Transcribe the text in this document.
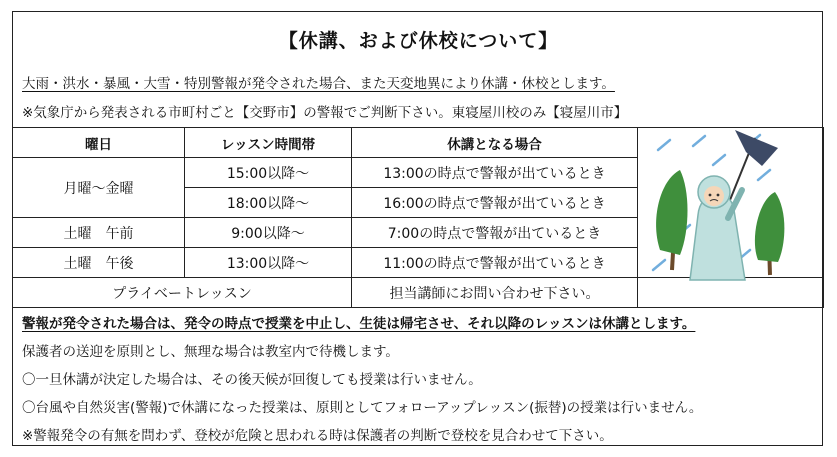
【休講、および休校について】
大雨・洪水・暴風・大雪・特別警報が発令された場合、また天変地異により休講・休校とします。
※気象庁から発表される市町村ごと【交野市】の警報でご判断下さい。東寝屋川校のみ【寝屋川市】
曜日	レッスン時間帯	休講となる場合	
月曜～金曜	15:00以降～	13:00の時点で警報が出ているとき	
	18:00以降～	16:00の時点で警報が出ているとき	
土曜　午前	9:00以降～	7:00の時点で警報が出ているとき	
土曜　午後	13:00以降～	11:00の時点で警報が出ているとき	
プライベートレッスン		担当講師にお問い合わせ下さい。	
警報が発令された場合は、発令の時点で授業を中止し、生徒は帰宅させ、それ以降のレッスンは休講とします。
保護者の送迎を原則とし、無理な場合は教室内で待機します。
〇一旦休講が決定した場合は、その後天候が回復しても授業は行いません。
〇台風や自然災害(警報)で休講になった授業は、原則としてフォローアップレッスン(振替)の授業は行いません。
※警報発令の有無を問わず、登校が危険と思われる時は保護者の判断で登校を見合わせて下さい。
